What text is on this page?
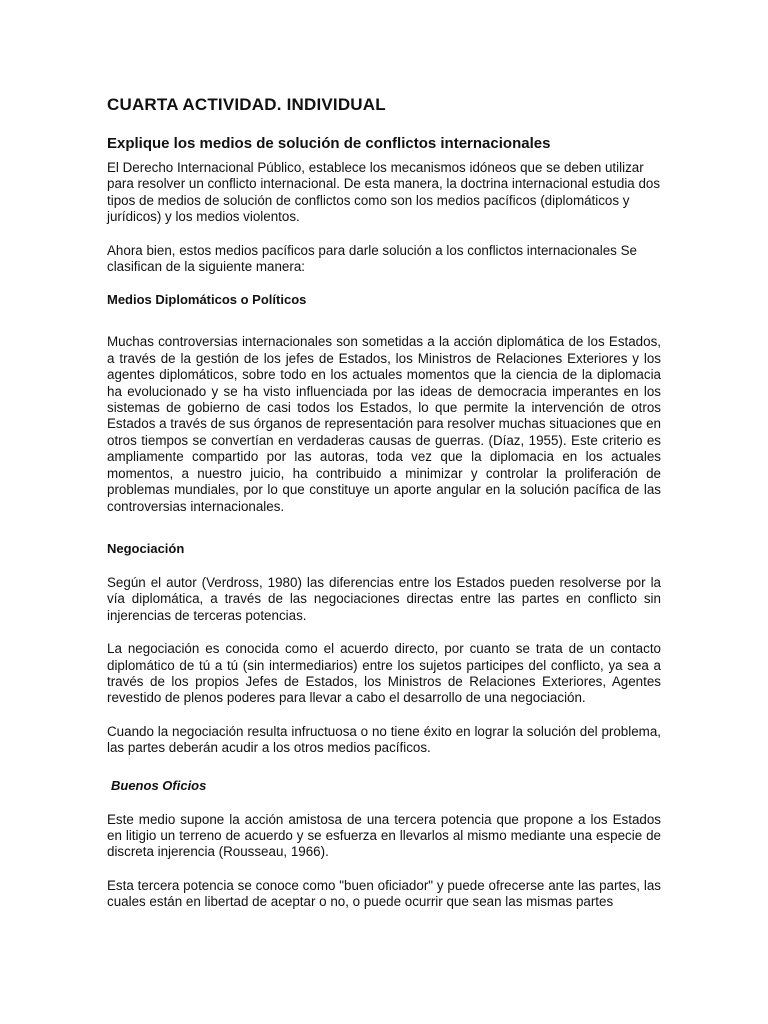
CUARTA ACTIVIDAD. INDIVIDUAL
Explique los medios de solución de conflictos internacionales

El Derecho Internacional Público, establece los mecanismos idóneos que se deben utilizar para resolver un conflicto internacional. De esta manera, la doctrina internacional estudia dos tipos de medios de solución de conflictos como son los medios pacíficos (diplomáticos y jurídicos) y los medios violentos.

Ahora bien, estos medios pacíficos para darle solución a los conflictos internacionales Se clasifican de la siguiente manera:

Medios Diplomáticos o Políticos

Muchas controversias internacionales son sometidas a la acción diplomática de los Estados, a través de la gestión de los jefes de Estados, los Ministros de Relaciones Exteriores y los agentes diplomáticos, sobre todo en los actuales momentos que la ciencia de la diplomacia ha evolucionado y se ha visto influenciada por las ideas de democracia imperantes en los sistemas de gobierno de casi todos los Estados, lo que permite la intervención de otros Estados a través de sus órganos de representación para resolver muchas situaciones que en otros tiempos se convertían en verdaderas causas de guerras. (Díaz, 1955). Este criterio es ampliamente compartido por las autoras, toda vez que la diplomacia en los actuales momentos, a nuestro juicio, ha contribuido a minimizar y controlar la proliferación de problemas mundiales, por lo que constituye un aporte angular en la solución pacífica de las controversias internacionales.

Negociación

Según el autor (Verdross, 1980) las diferencias entre los Estados pueden resolverse por la vía diplomática, a través de las negociaciones directas entre las partes en conflicto sin injerencias de terceras potencias.

La negociación es conocida como el acuerdo directo, por cuanto se trata de un contacto diplomático de tú a tú (sin intermediarios) entre los sujetos participes del conflicto, ya sea a través de los propios Jefes de Estados, los Ministros de Relaciones Exteriores, Agentes revestido de plenos poderes para llevar a cabo el desarrollo de una negociación.

Cuando la negociación resulta infructuosa o no tiene éxito en lograr la solución del problema, las partes deberán acudir a los otros medios pacíficos.

Buenos Oficios

Este medio supone la acción amistosa de una tercera potencia que propone a los Estados en litigio un terreno de acuerdo y se esfuerza en llevarlos al mismo mediante una especie de discreta injerencia (Rousseau, 1966).

Esta tercera potencia se conoce como "buen oficiador" y puede ofrecerse ante las partes, las cuales están en libertad de aceptar o no, o puede ocurrir que sean las mismas partes
